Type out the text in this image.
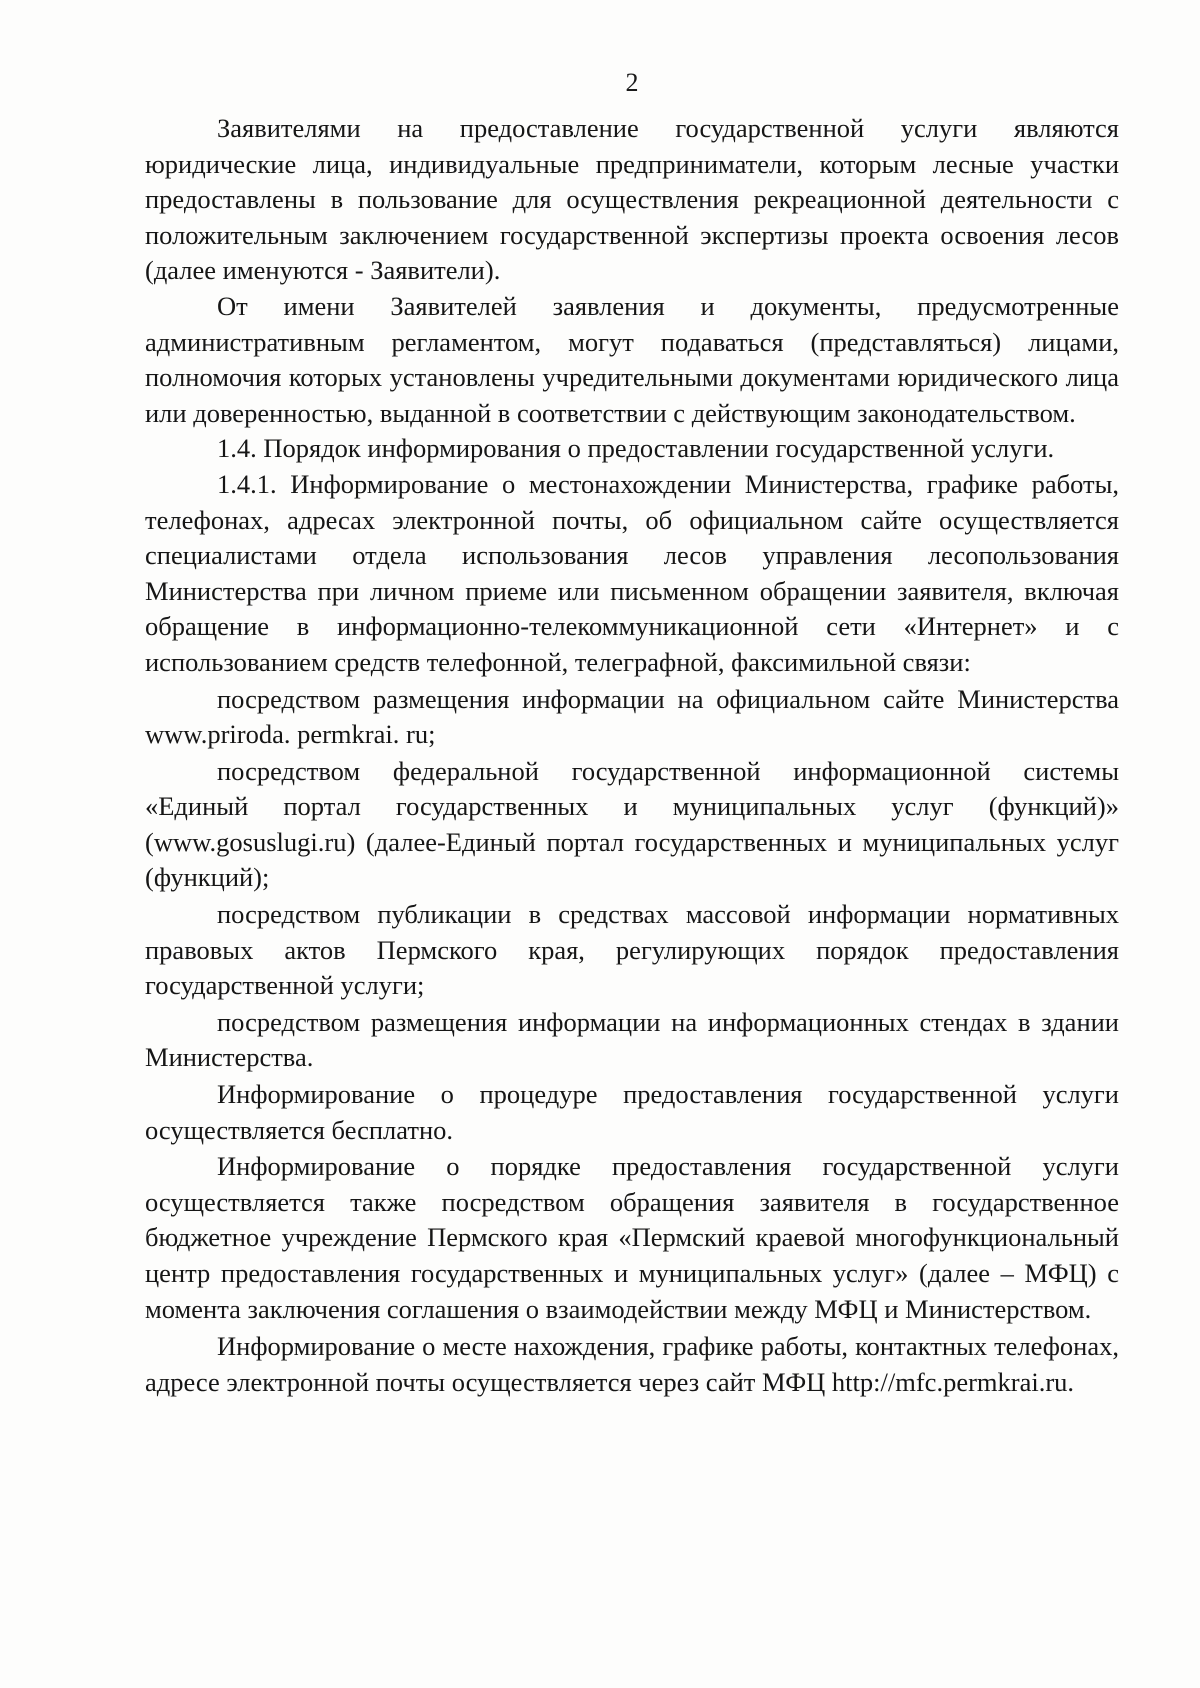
2

Заявителями на предоставление государственной услуги являются юридические лица, индивидуальные предприниматели, которым лесные участки предоставлены в пользование для осуществления рекреационной деятельности с положительным заключением государственной экспертизы проекта освоения лесов (далее именуются - Заявители).

От имени Заявителей заявления и документы, предусмотренные административным регламентом, могут подаваться (представляться) лицами, полномочия которых установлены учредительными документами юридического лица или доверенностью, выданной в соответствии с действующим законодательством.

1.4. Порядок информирования о предоставлении государственной услуги.

1.4.1. Информирование о местонахождении Министерства, графике работы, телефонах, адресах электронной почты, об официальном сайте осуществляется специалистами отдела использования лесов управления лесопользования Министерства при личном приеме или письменном обращении заявителя, включая обращение в информационно-телекоммуникационной сети «Интернет» и с использованием средств телефонной, телеграфной, факсимильной связи:

посредством размещения информации на официальном сайте Министерства www.priroda. permkrai. ru;

посредством федеральной государственной информационной системы «Единый портал государственных и муниципальных услуг (функций)» (www.gosuslugi.ru) (далее-Единый портал государственных и муниципальных услуг (функций);

посредством публикации в средствах массовой информации нормативных правовых актов Пермского края, регулирующих порядок предоставления государственной услуги;

посредством размещения информации на информационных стендах в здании Министерства.

Информирование о процедуре предоставления государственной услуги осуществляется бесплатно.

Информирование о порядке предоставления государственной услуги осуществляется также посредством обращения заявителя в государственное бюджетное учреждение Пермского края «Пермский краевой многофункциональный центр предоставления государственных и муниципальных услуг» (далее – МФЦ) с момента заключения соглашения о взаимодействии между МФЦ и Министерством.

Информирование о месте нахождения, графике работы, контактных телефонах, адресе электронной почты осуществляется через сайт МФЦ http://mfc.permkrai.ru.
